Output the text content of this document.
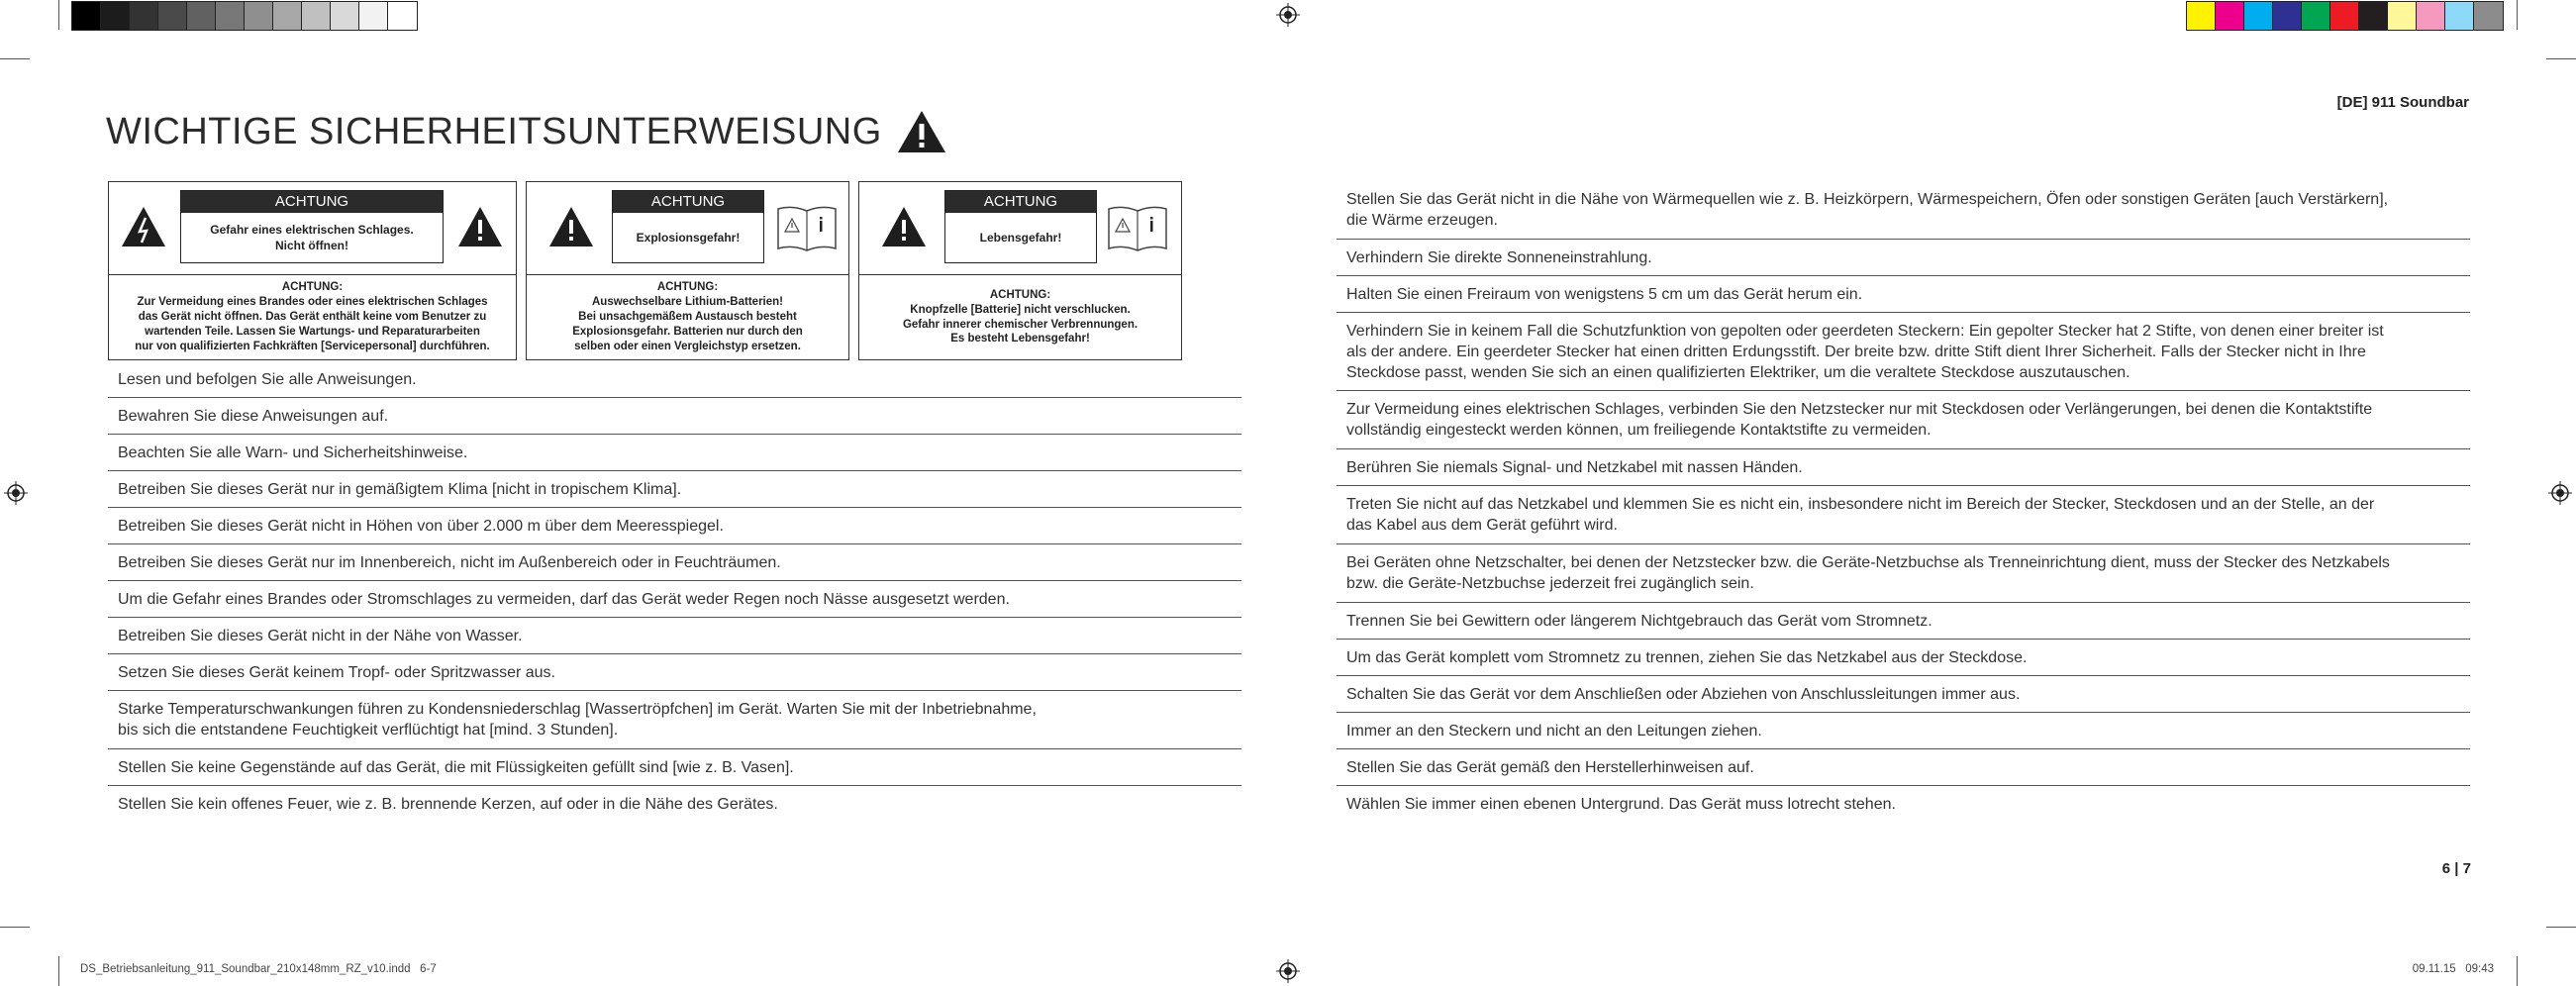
[DE] 911 Soundbar
WICHTIGE SICHERHEITSUNTERWEISUNG
ACHTUNG
Gefahr eines elektrischen Schlages.
Nicht öffnen!
ACHTUNG:
Zur Vermeidung eines Brandes oder eines elektrischen Schlages
das Gerät nicht öffnen. Das Gerät enthält keine vom Benutzer zu
wartenden Teile. Lassen Sie Wartungs- und Reparaturarbeiten
nur von qualifizierten Fachkräften [Servicepersonal] durchführen.
ACHTUNG
Explosionsgefahr!
ACHTUNG:
Auswechselbare Lithium-Batterien!
Bei unsachgemäßem Austausch besteht
Explosionsgefahr. Batterien nur durch den
selben oder einen Vergleichstyp ersetzen.
ACHTUNG
Lebensgefahr!
ACHTUNG:
Knopfzelle [Batterie] nicht verschlucken.
Gefahr innerer chemischer Verbrennungen.
Es besteht Lebensgefahr!
Lesen und befolgen Sie alle Anweisungen.
Bewahren Sie diese Anweisungen auf.
Beachten Sie alle Warn- und Sicherheitshinweise.
Betreiben Sie dieses Gerät nur in gemäßigtem Klima [nicht in tropischem Klima].
Betreiben Sie dieses Gerät nicht in Höhen von über 2.000 m über dem Meeresspiegel.
Betreiben Sie dieses Gerät nur im Innenbereich, nicht im Außenbereich oder in Feuchträumen.
Um die Gefahr eines Brandes oder Stromschlages zu vermeiden, darf das Gerät weder Regen noch Nässe ausgesetzt werden.
Betreiben Sie dieses Gerät nicht in der Nähe von Wasser.
Setzen Sie dieses Gerät keinem Tropf- oder Spritzwasser aus.
Starke Temperaturschwankungen führen zu Kondensniederschlag [Wassertröpfchen] im Gerät. Warten Sie mit der Inbetriebnahme,
bis sich die entstandene Feuchtigkeit verflüchtigt hat [mind. 3 Stunden].
Stellen Sie keine Gegenstände auf das Gerät, die mit Flüssigkeiten gefüllt sind [wie z. B. Vasen].
Stellen Sie kein offenes Feuer, wie z. B. brennende Kerzen, auf oder in die Nähe des Gerätes.
Stellen Sie das Gerät nicht in die Nähe von Wärmequellen wie z. B. Heizkörpern, Wärmespeichern, Öfen oder sonstigen Geräten [auch Verstärkern],
die Wärme erzeugen.
Verhindern Sie direkte Sonneneinstrahlung.
Halten Sie einen Freiraum von wenigstens 5 cm um das Gerät herum ein.
Verhindern Sie in keinem Fall die Schutzfunktion von gepolten oder geerdeten Steckern: Ein gepolter Stecker hat 2 Stifte, von denen einer breiter ist
als der andere. Ein geerdeter Stecker hat einen dritten Erdungsstift. Der breite bzw. dritte Stift dient Ihrer Sicherheit. Falls der Stecker nicht in Ihre
Steckdose passt, wenden Sie sich an einen qualifizierten Elektriker, um die veraltete Steckdose auszutauschen.
Zur Vermeidung eines elektrischen Schlages, verbinden Sie den Netzstecker nur mit Steckdosen oder Verlängerungen, bei denen die Kontaktstifte
vollständig eingesteckt werden können, um freiliegende Kontaktstifte zu vermeiden.
Berühren Sie niemals Signal- und Netzkabel mit nassen Händen.
Treten Sie nicht auf das Netzkabel und klemmen Sie es nicht ein, insbesondere nicht im Bereich der Stecker, Steckdosen und an der Stelle, an der
das Kabel aus dem Gerät geführt wird.
Bei Geräten ohne Netzschalter, bei denen der Netzstecker bzw. die Geräte-Netzbuchse als Trenneinrichtung dient, muss der Stecker des Netzkabels
bzw. die Geräte-Netzbuchse jederzeit frei zugänglich sein.
Trennen Sie bei Gewittern oder längerem Nichtgebrauch das Gerät vom Stromnetz.
Um das Gerät komplett vom Stromnetz zu trennen, ziehen Sie das Netzkabel aus der Steckdose.
Schalten Sie das Gerät vor dem Anschließen oder Abziehen von Anschlussleitungen immer aus.
Immer an den Steckern und nicht an den Leitungen ziehen.
Stellen Sie das Gerät gemäß den Herstellerhinweisen auf.
Wählen Sie immer einen ebenen Untergrund. Das Gerät muss lotrecht stehen.
6 | 7
DS_Betriebsanleitung_911_Soundbar_210x148mm_RZ_v10.indd   6-7	09.11.15   09:43
